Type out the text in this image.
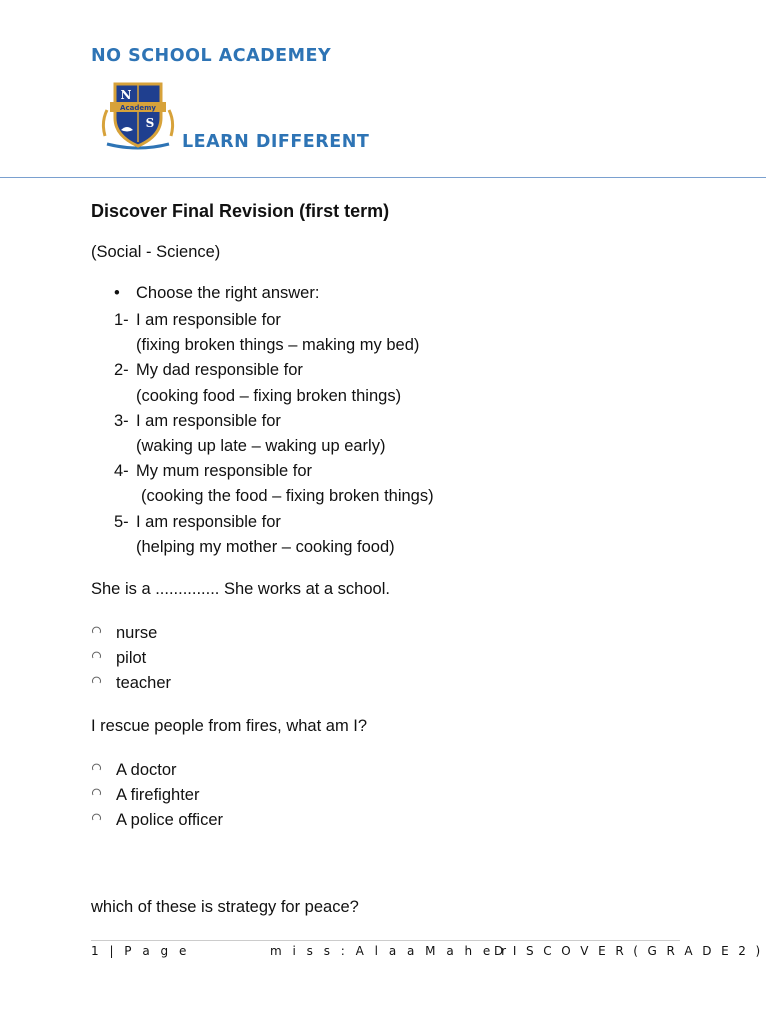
NO SCHOOL ACADEMEY
Academy
N
S
LEARN DIFFERENT
Discover Final Revision (first term)
(Social - Science)
• Choose the right answer:
1- I am responsible for
(fixing broken things – making my bed)
2- My dad responsible for
(cooking food – fixing broken things)
3- I am responsible for
(waking up late – waking up early)
4- My mum responsible for
(cooking the food – fixing broken things)
5- I am responsible for
(helping my mother – cooking food)
She is a .............. She works at a school.
nurse
pilot
teacher
I rescue people from fires, what am I?
A doctor
A firefighter
A police officer
which of these is strategy for peace?
1 | P a g e	m i s s : A l a a M a h e r
D I S C O V E R ( G R A D E 2 )
